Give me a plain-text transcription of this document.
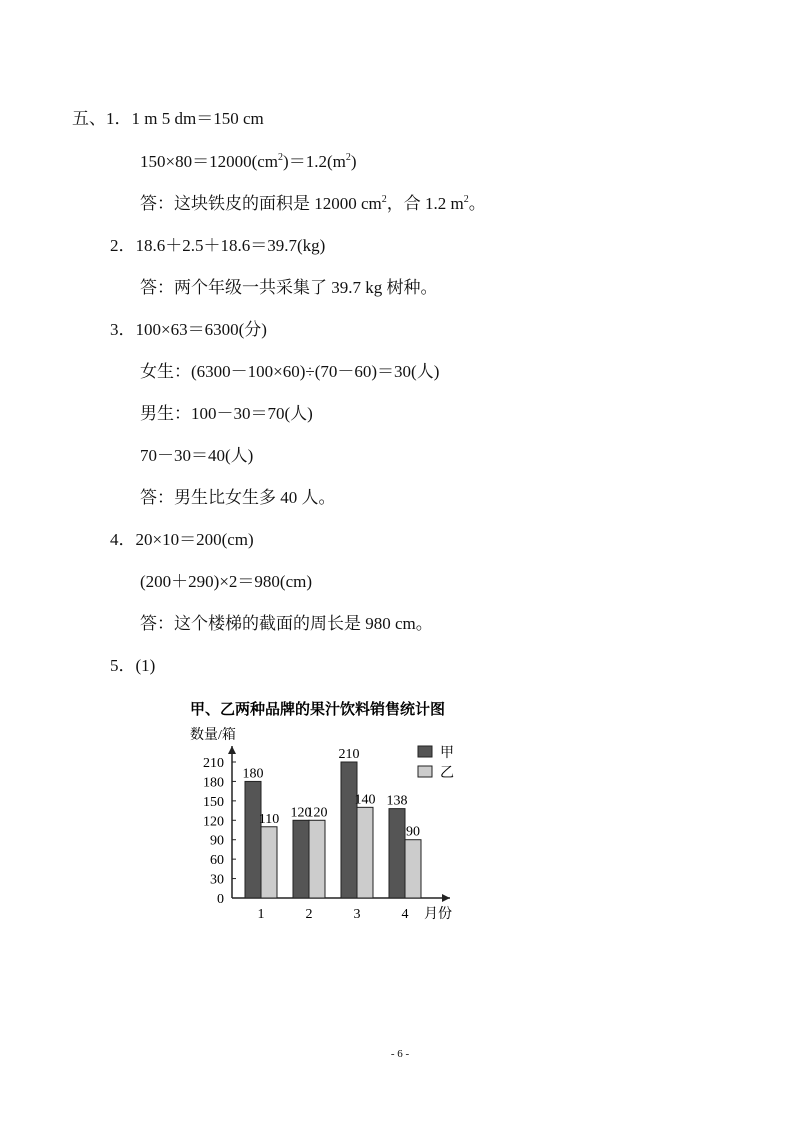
五、1．1 m 5 dm＝150 cm
$150\times 80=12000(cm^2)=1.2(m^2)$
答：这块铁皮的面积是 12000 $cm^2$，合 1.2 $m^2$。
2．18.6＋2.5＋18.6＝39.7(kg)
答：两个年级一共采集了 39.7 kg 树种。
3．100×63＝6300(分)
女生：(6300－100×60)÷(70－60)＝30(人)
男生：100－30＝70(人)
70－30＝40(人)
答：男生比女生多 40 人。
4．20×10＝200(cm)
(200＋290)×2＝980(cm)
答：这个楼梯的截面的周长是 980 cm。
5．(1)
甲、乙两种品牌的果汁饮料销售统计图
数量/箱
月份
0
30
60
90
120
150
180
210
180
110
1
120
120
2
210
140
3
138
90
4
甲
乙
- 6 -
